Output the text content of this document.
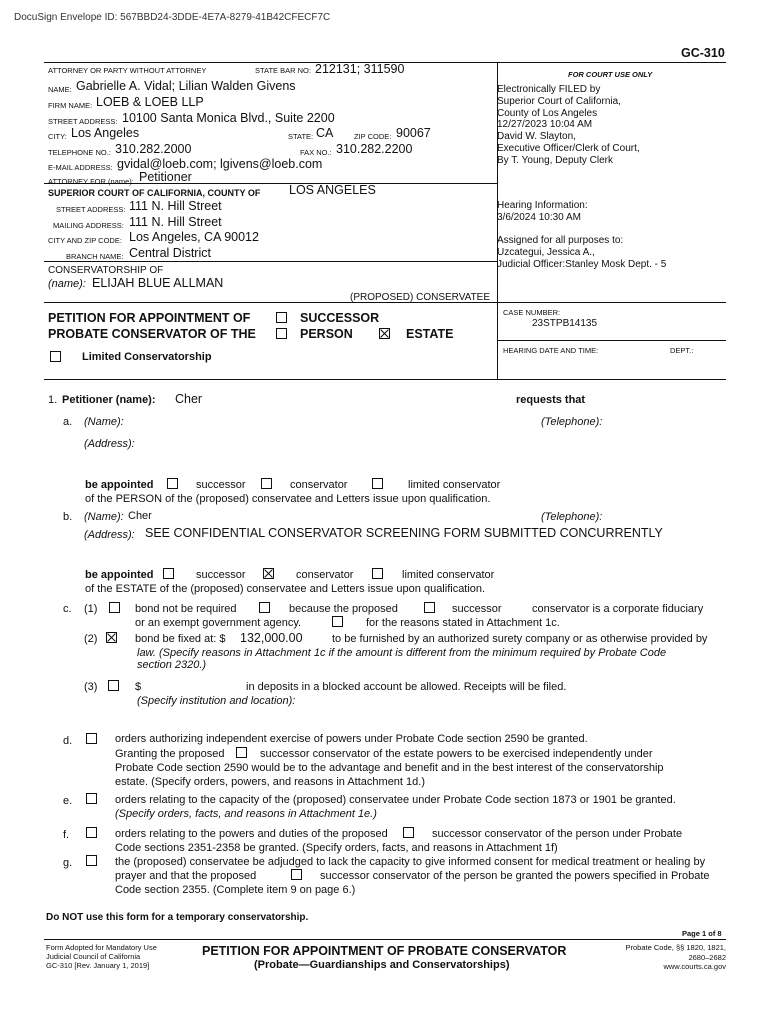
DocuSign Envelope ID: 567BBD24-3DDE-4E7A-8279-41B42CFECF7C
GC-310
ATTORNEY OR PARTY WITHOUT ATTORNEY	STATE BAR NO: 212131; 311590
NAME: Gabrielle A. Vidal; Lilian Walden Givens
FIRM NAME: LOEB & LOEB LLP
STREET ADDRESS: 10100 Santa Monica Blvd., Suite 2200
CITY: Los Angeles	STATE: CA	ZIP CODE: 90067
TELEPHONE NO.: 310.282.2000	FAX NO.: 310.282.2200
E-MAIL ADDRESS: gvidal@loeb.com; lgivens@loeb.com
ATTORNEY FOR (name): Petitioner
FOR COURT USE ONLY
Electronically FILED by
Superior Court of California,
County of Los Angeles
12/27/2023 10:04 AM
David W. Slayton,
Executive Officer/Clerk of Court,
By T. Young, Deputy Clerk
Hearing Information:
3/6/2024 10:30 AM
Assigned for all purposes to:
Uzcategui, Jessica A.,
Judicial Officer:Stanley Mosk Dept. - 5
SUPERIOR COURT OF CALIFORNIA, COUNTY OF LOS ANGELES
STREET ADDRESS: 111 N. Hill Street
MAILING ADDRESS: 111 N. Hill Street
CITY AND ZIP CODE: Los Angeles, CA 90012
BRANCH NAME: Central District
CONSERVATORSHIP OF
(name): ELIJAH BLUE ALLMAN
(PROPOSED) CONSERVATEE
PETITION FOR APPOINTMENT OF
PROBATE CONSERVATOR OF THE
SUCCESSOR
PERSON	ESTATE
Limited Conservatorship
CASE NUMBER:
23STPB14135
HEARING DATE AND TIME:	DEPT.:
1. Petitioner (name): Cher	requests that
a. (Name):	(Telephone):
(Address):
be appointed	successor	conservator	limited conservator
of the PERSON of the (proposed) conservatee and Letters issue upon qualification.
b. (Name): Cher	(Telephone):
(Address): SEE CONFIDENTIAL CONSERVATOR SCREENING FORM SUBMITTED CONCURRENTLY
be appointed	successor	conservator	limited conservator
of the ESTATE of the (proposed) conservatee and Letters issue upon qualification.
c. (1)	bond not be required	because the proposed	successor	conservator is a corporate fiduciary
or an exempt government agency.	for the reasons stated in Attachment 1c.
(2)	bond be fixed at: $ 132,000.00	to be furnished by an authorized surety company or as otherwise provided by
law. (Specify reasons in Attachment 1c if the amount is different from the minimum required by Probate Code
section 2320.)
(3)	$	in deposits in a blocked account be allowed. Receipts will be filed.
(Specify institution and location):
d.	orders authorizing independent exercise of powers under Probate Code section 2590 be granted.
Granting the proposed	successor conservator of the estate powers to be exercised independently under
Probate Code section 2590 would be to the advantage and benefit and in the best interest of the conservatorship
estate. (Specify orders, powers, and reasons in Attachment 1d.)
e.	orders relating to the capacity of the (proposed) conservatee under Probate Code section 1873 or 1901 be granted.
(Specify orders, facts, and reasons in Attachment 1e.)
f.	orders relating to the powers and duties of the proposed	successor conservator of the person under Probate
Code sections 2351-2358 be granted. (Specify orders, facts, and reasons in Attachment 1f)
g.	the (proposed) conservatee be adjudged to lack the capacity to give informed consent for medical treatment or healing by
prayer and that the proposed	successor conservator of the person be granted the powers specified in Probate
Code section 2355. (Complete item 9 on page 6.)
Do NOT use this form for a temporary conservatorship.
Page 1 of 8
Form Adopted for Mandatory Use
Judicial Council of California
GC-310 [Rev. January 1, 2019]
PETITION FOR APPOINTMENT OF PROBATE CONSERVATOR
(Probate—Guardianships and Conservatorships)
Probate Code, §§ 1820, 1821,
2680–2682
www.courts.ca.gov
